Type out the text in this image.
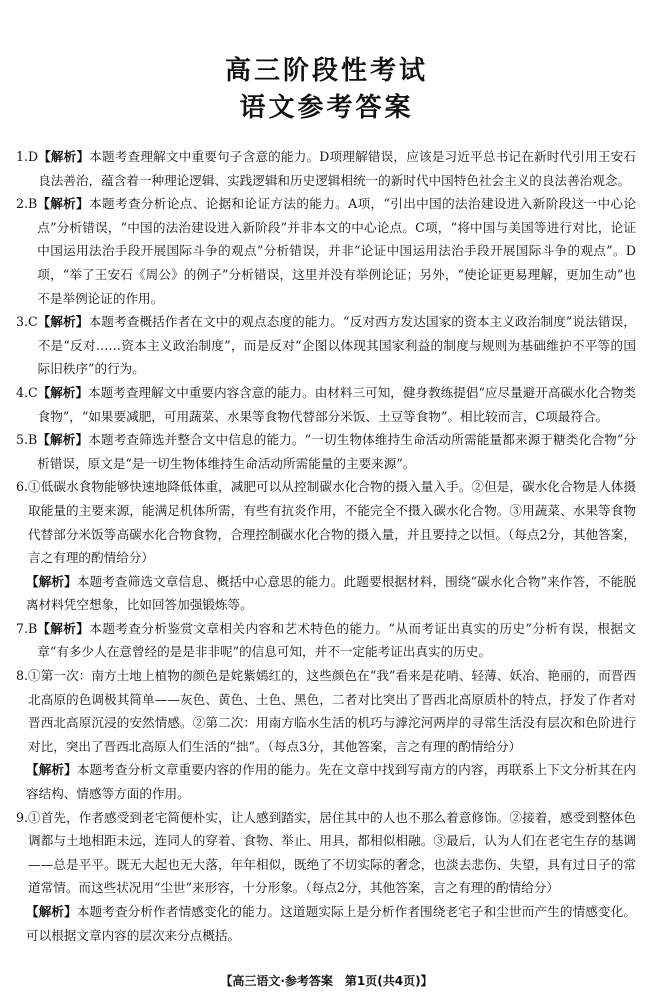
高三阶段性考试
语文参考答案
1.D 【解析】本题考查理解文中重要句子含意的能力。D项理解错误，应该是习近平总书记在新时代引用王安石良法善治，蕴含着一种理论逻辑、实践逻辑和历史逻辑相统一的新时代中国特色社会主义的良法善治观念。
2.B 【解析】本题考查分析论点、论据和论证方法的能力。A项，“引出中国的法治建设进入新阶段这一中心论点”分析错误，“中国的法治建设进入新阶段”并非本文的中心论点。C项，“将中国与美国等进行对比，论证中国运用法治手段开展国际斗争的观点”分析错误，并非“论证中国运用法治手段开展国际斗争的观点”。D项，“举了王安石《周公》的例子”分析错误，这里并没有举例论证；另外，“使论证更易理解，更加生动”也不是举例论证的作用。
3.C 【解析】本题考查概括作者在文中的观点态度的能力。“反对西方发达国家的资本主义政治制度”说法错误，不是“反对……资本主义政治制度”，而是反对“企图以体现其国家利益的制度与规则为基础维护不平等的国际旧秩序”的行为。
4.C 【解析】本题考查理解文中重要内容含意的能力。由材料三可知，健身教练提倡“应尽量避开高碳水化合物类食物”，“如果要减肥，可用蔬菜、水果等食物代替部分米饭、土豆等食物”。相比较而言，C项最符合。
5.B 【解析】本题考查筛选并整合文中信息的能力。“一切生物体维持生命活动所需能量都来源于糖类化合物”分析错误，原文是“是一切生物体维持生命活动所需能量的主要来源”。
6. ①低碳水食物能够快速地降低体重，减肥可以从控制碳水化合物的摄入量入手。②但是，碳水化合物是人体摄取能量的主要来源，能满足机体所需，有些有抗炎作用，不能完全不摄入碳水化合物。③用蔬菜、水果等食物代替部分米饭等高碳水化合物食物，合理控制碳水化合物的摄入量，并且要持之以恒。（每点2分，其他答案，言之有理的酌情给分）
【解析】本题考查筛选文章信息、概括中心意思的能力。此题要根据材料，围绕“碳水化合物”来作答，不能脱离材料凭空想象，比如回答加强锻炼等。
7.B 【解析】本题考查分析鉴赏文章相关内容和艺术特色的能力。“从而考证出真实的历史”分析有误，根据文章“有多少人在意曾经的是是非非呢”的信息可知，并不一定能考证出真实的历史。
8. ①第一次：南方土地上植物的颜色是姹紫嫣红的，这些颜色在“我”看来是花哨、轻薄、妖冶、艳丽的，而晋西北高原的色调极其简单——灰色、黄色、土色、黑色，二者对比突出了晋西北高原质朴的特点，抒发了作者对晋西北高原沉浸的安然情感。②第二次：用南方临水生活的机巧与滹沱河两岸的寻常生活没有层次和色阶进行对比，突出了晋西北高原人们生活的“拙”。（每点3分，其他答案，言之有理的酌情给分）
【解析】本题考查分析文章重要内容的作用的能力。先在文章中找到写南方的内容，再联系上下文分析其在内容结构、情感等方面的作用。
9. ①首先，作者感受到老宅简便朴实，让人感到踏实，居住其中的人也不那么着意修饰。②接着，感受到整体色调都与土地相距未远，连同人的穿着、食物、举止、用具，都相似相融。③最后，认为人们在老宅生存的基调——总是平平。既无大起也无大落，年年相似，既绝了不切实际的奢念，也淡去悲伤、失望，具有过日子的常道常情。而这些状况用“尘世”来形容，十分形象。（每点2分，其他答案，言之有理的酌情给分）
【解析】本题考查分析作者情感变化的能力。这道题实际上是分析作者围绕老宅子和尘世而产生的情感变化。可以根据文章内容的层次来分点概括。
【高三语文·参考答案　第1页(共4页)】
